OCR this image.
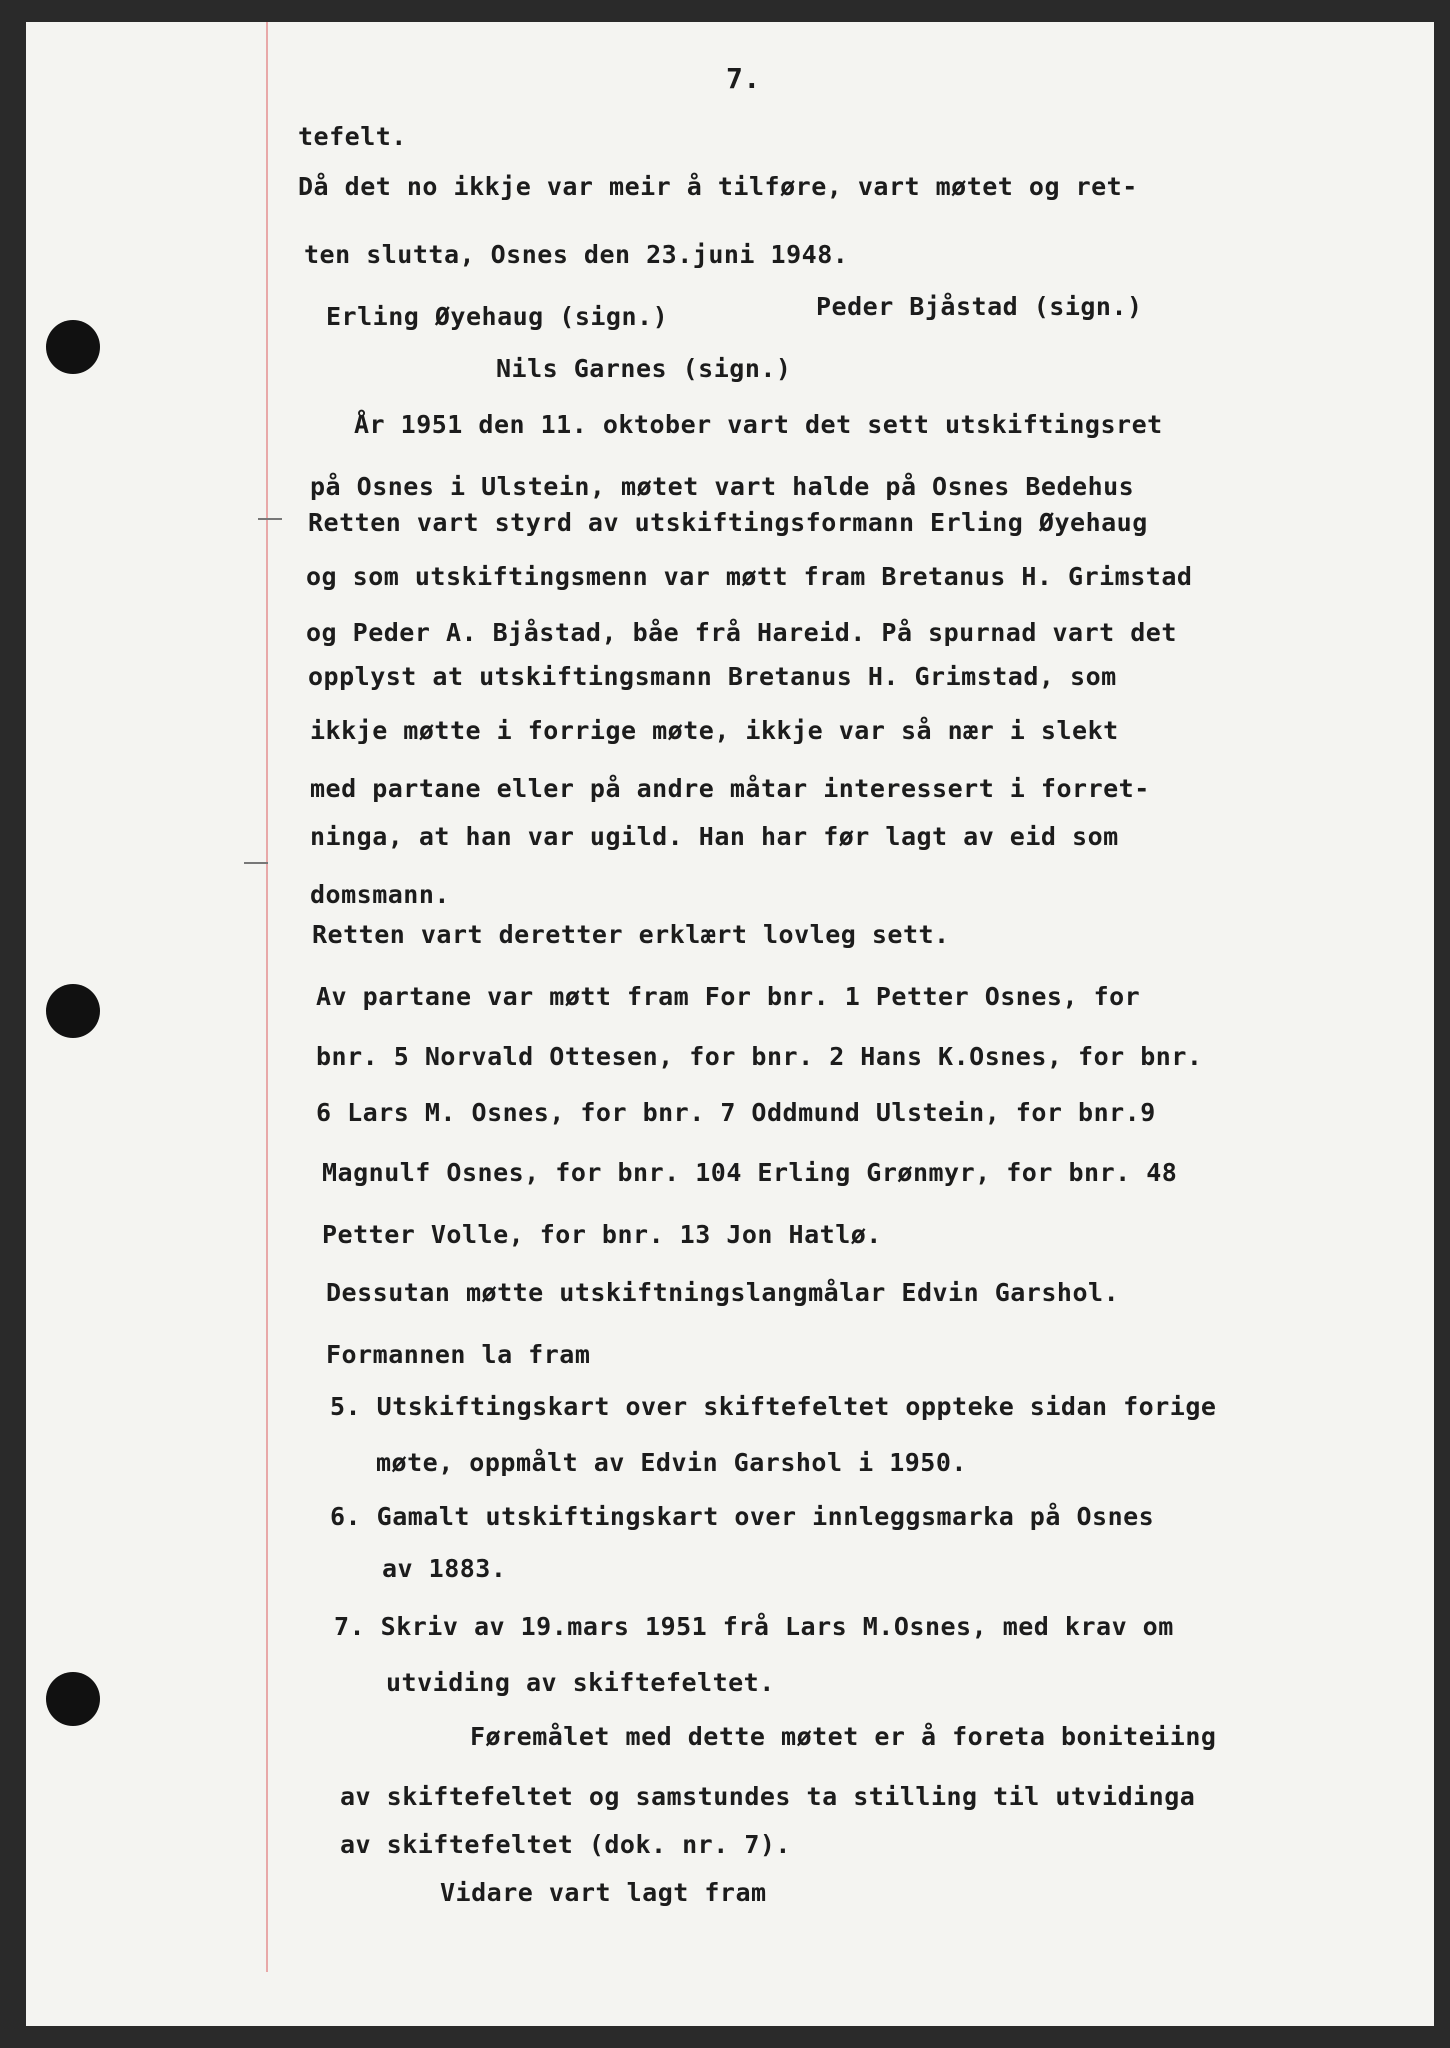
7.
tefelt.
Då det no ikkje var meir å tilføre, vart møtet og ret-
ten slutta, Osnes den 23.juni 1948.
Erling Øyehaug (sign.)	Peder Bjåstad (sign.)
Nils Garnes (sign.)
År 1951 den 11. oktober vart det sett utskiftingsret
på Osnes i Ulstein, møtet vart halde på Osnes Bedehus
Retten vart styrd av utskiftingsformann Erling Øyehaug
og som utskiftingsmenn var møtt fram Bretanus H. Grimstad
og Peder A. Bjåstad, båe frå Hareid. På spurnad vart det
opplyst at utskiftingsmann Bretanus H. Grimstad, som
ikkje møtte i forrige møte, ikkje var så nær i slekt
med partane eller på andre måtar interessert i forret-
ninga, at han var ugild. Han har før lagt av eid som
domsmann.
Retten vart deretter erklært lovleg sett.
Av partane var møtt fram For bnr. 1 Petter Osnes, for
bnr. 5 Norvald Ottesen, for bnr. 2 Hans K.Osnes, for bnr.
6 Lars M. Osnes, for bnr. 7 Oddmund Ulstein, for bnr.9
Magnulf Osnes, for bnr. 104 Erling Grønmyr, for bnr. 48
Petter Volle, for bnr. 13 Jon Hatlø.
Dessutan møtte utskiftningslangmålar Edvin Garshol.
Formannen la fram
5. Utskiftingskart over skiftefeltet oppteke sidan forige
møte, oppmålt av Edvin Garshol i 1950.
6. Gamalt utskiftingskart over innleggsmarka på Osnes
av 1883.
7. Skriv av 19.mars 1951 frå Lars M.Osnes, med krav om
utviding av skiftefeltet.
Føremålet med dette møtet er å foreta boniteiing
av skiftefeltet og samstundes ta stilling til utvidinga
av skiftefeltet (dok. nr. 7).
Vidare vart lagt fram
